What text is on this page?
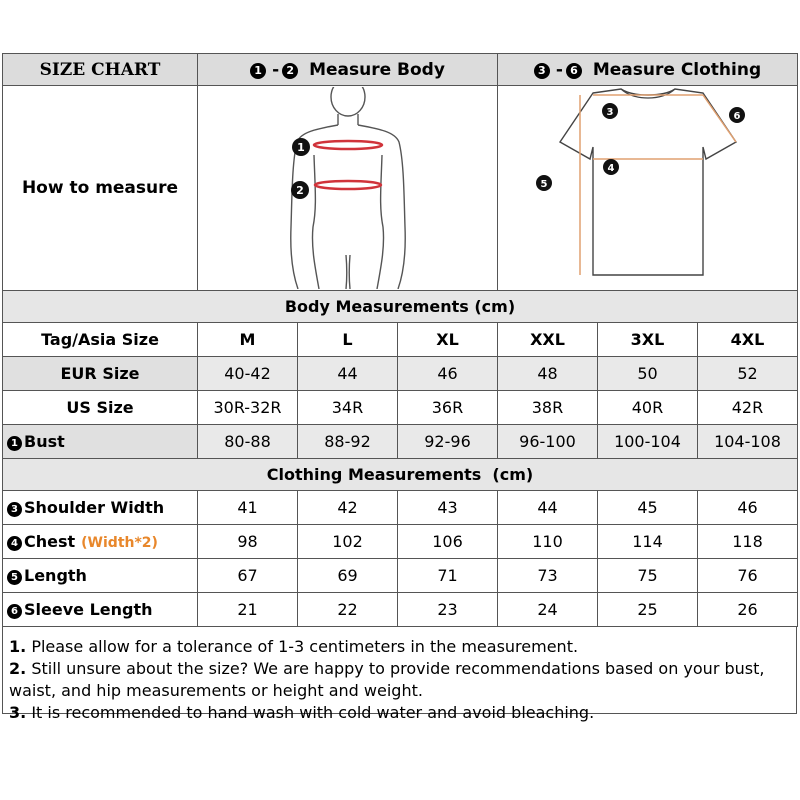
SIZE CHART	1 - 2 Measure Body			3 - 6 Measure Clothing		
How to measure	1
2			3 6
5
4		

Body Measurements (cm)						
Tag/Asia Size	M	L	XL	XXL	3XL	4XL
EUR Size	40-42	44	46	48	50	52
US Size	30R-32R	34R	36R	38R	40R	42R
1 Bust	80-88	88-92	92-96	96-100	100-104	104-108
Clothing Measurements  (cm)						
3 Shoulder Width	41	42	43	44	45	46
4 Chest (Width*2)	98	102	106	110	114	118
5 Length	67	69	71	73	75	76
6 Sleeve Length	21	22	23	24	25	26

1. Please allow for a tolerance of 1-3 centimeters in the measurement.

2. Still unsure about the size? We are happy to provide recommendations based on your bust, waist, and hip measurements or height and weight.

3. It is recommended to hand wash with cold water and avoid bleaching.
